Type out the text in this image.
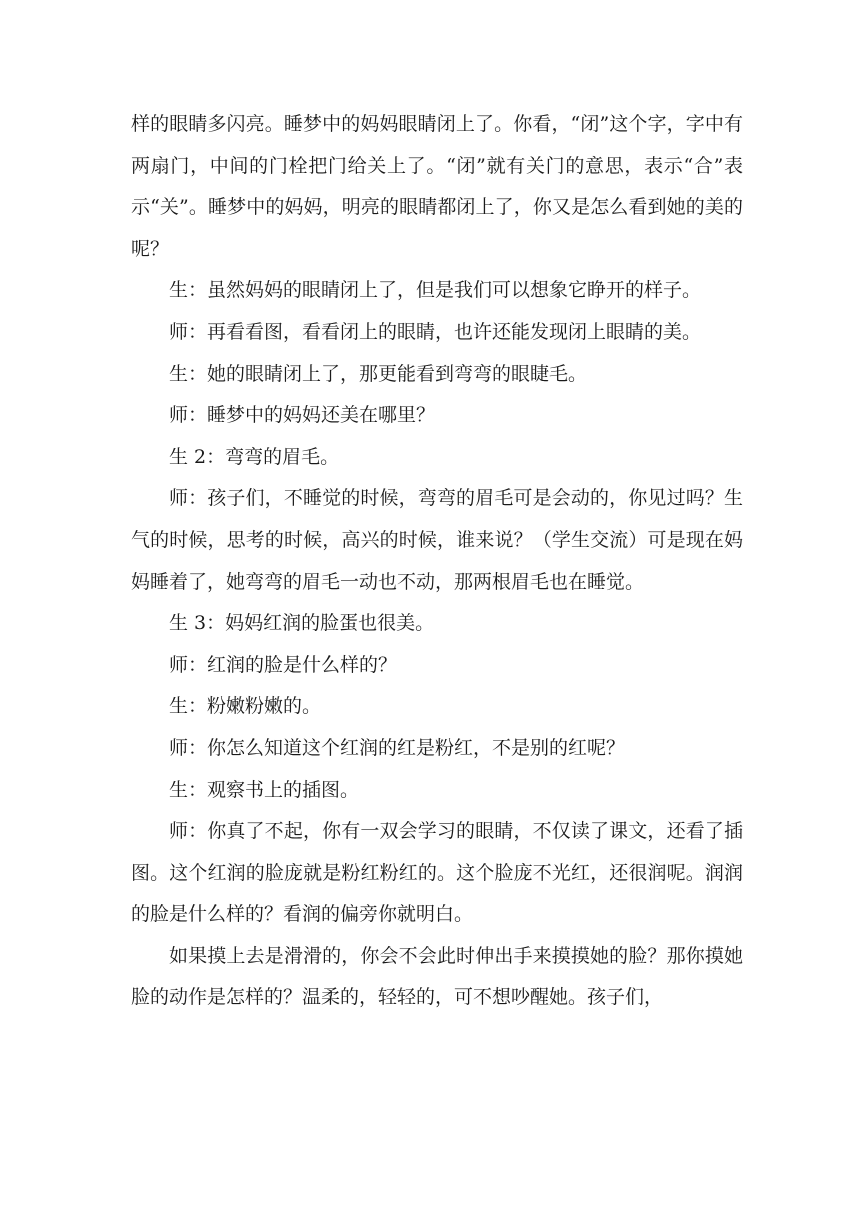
样的眼睛多闪亮。睡梦中的妈妈眼睛闭上了。你看，“闭”这个字，字中有两扇门，中间的门栓把门给关上了。“闭”就有关门的意思，表示“合”表示“关”。睡梦中的妈妈，明亮的眼睛都闭上了，你又是怎么看到她的美的呢？

生：虽然妈妈的眼睛闭上了，但是我们可以想象它睁开的样子。

师：再看看图，看看闭上的眼睛，也许还能发现闭上眼睛的美。

生：她的眼睛闭上了，那更能看到弯弯的眼睫毛。

师：睡梦中的妈妈还美在哪里？

生 2：弯弯的眉毛。

师：孩子们，不睡觉的时候，弯弯的眉毛可是会动的，你见过吗？生气的时候，思考的时候，高兴的时候，谁来说？（学生交流）可是现在妈妈睡着了，她弯弯的眉毛一动也不动，那两根眉毛也在睡觉。

生 3：妈妈红润的脸蛋也很美。

师：红润的脸是什么样的？

生：粉嫩粉嫩的。

师：你怎么知道这个红润的红是粉红，不是别的红呢？

生：观察书上的插图。

师：你真了不起，你有一双会学习的眼睛，不仅读了课文，还看了插图。这个红润的脸庞就是粉红粉红的。这个脸庞不光红，还很润呢。润润的脸是什么样的？看润的偏旁你就明白。

如果摸上去是滑滑的，你会不会此时伸出手来摸摸她的脸？那你摸她脸的动作是怎样的？温柔的，轻轻的，可不想吵醒她。孩子们，
